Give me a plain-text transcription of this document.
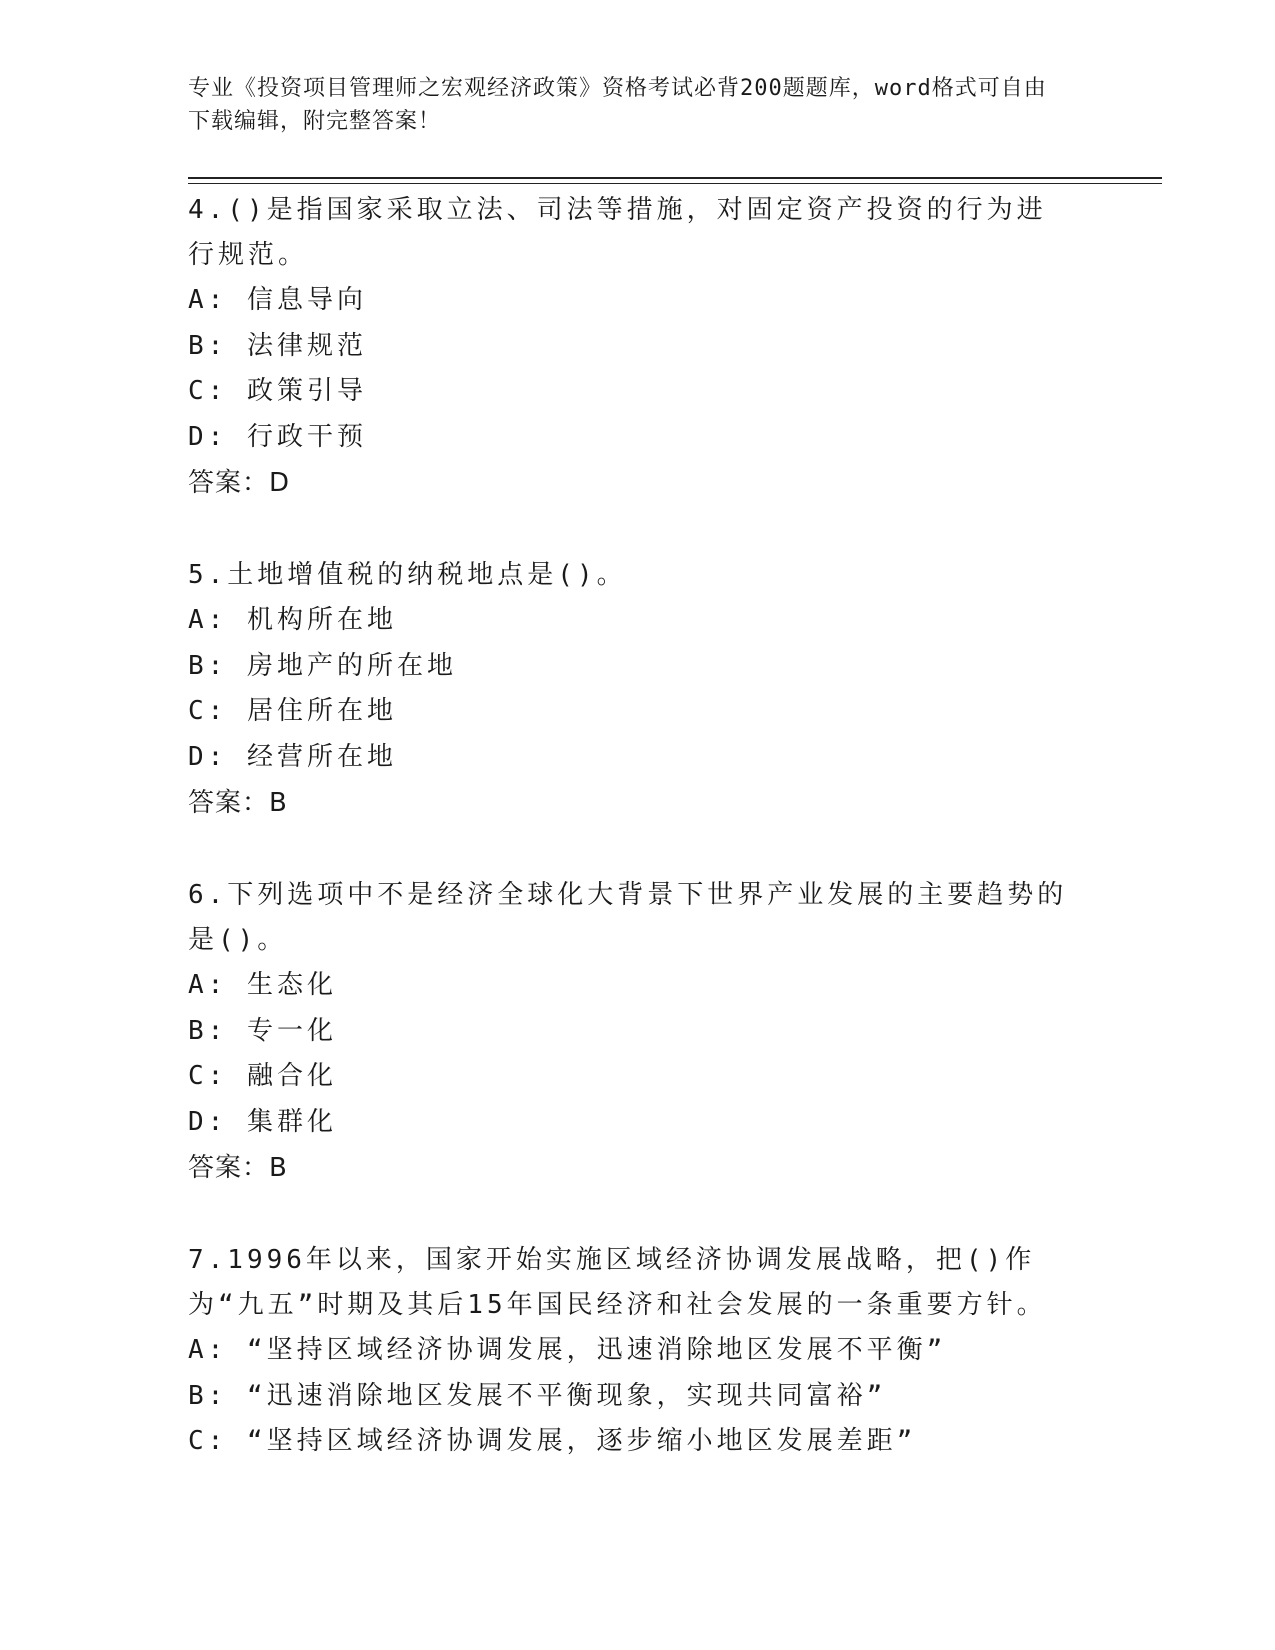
专业《投资项目管理师之宏观经济政策》资格考试必背200题题库，word格式可自由下载编辑，附完整答案！

4.()是指国家采取立法、司法等措施，对固定资产投资的行为进行规范。

A: 信息导向

B: 法律规范

C: 政策引导

D: 行政干预

答案：D

5.土地增值税的纳税地点是()。

A: 机构所在地

B: 房地产的所在地

C: 居住所在地

D: 经营所在地

答案：B

6.下列选项中不是经济全球化大背景下世界产业发展的主要趋势的是()。

A: 生态化

B: 专一化

C: 融合化

D: 集群化

答案：B

7.1996年以来，国家开始实施区域经济协调发展战略，把()作为“九五”时期及其后15年国民经济和社会发展的一条重要方针。

A: “坚持区域经济协调发展，迅速消除地区发展不平衡”

B: “迅速消除地区发展不平衡现象，实现共同富裕”

C: “坚持区域经济协调发展，逐步缩小地区发展差距”
